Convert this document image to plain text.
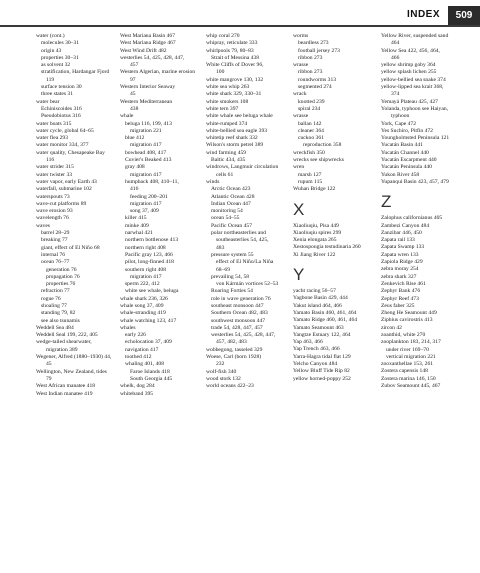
INDEX	509
water (cont.)
molecules 30–31
origin 43
properties 30–31
as solvent 32
stratification, Hardangar Fjord
119
surface tension 30
three states 31
water bear
Echiniscoides 316
Pseudobiotus 316
water boats 315
water cycle, global 64–65
water flea 293
water monitor 334, 377
water quality, Chesapeake Bay
116
water strider 315
water twister 33
water vapor, early Earth 43
waterfall, submarine 102
waterspouts 73
wave-cut platforms 89
wave erosion 93
wavelength 76
waves
barrel 28–29
breaking 77
giant, effect of El Niño 68
internal 76
ocean 76–77
generation 76
propagation 76
properties 76
refraction 77
rogue 76
shoaling 77
standing 79, 82
see also tsunamis
Weddell Sea 484
Weddell Seal 199, 222, 405
wedge-tailed shearwater,
migration 389
Wegener, Alfred (1880–1930) 44,
45
Wellington, New Zealand, tides
79
West African manatee 418
West Indian manatee 419
West Mariana Basin 467
West Mariana Ridge 467
West Wind Drift 482
westerlies 54, 425, 428, 447,
457
Western Algerian, marine erosion
97
Western Interior Seaway
45
Western Mediterranean
438
whale
beluga 116, 199, 413
migration 221
blue 412
migration 417
bowhead 408, 417
Cuvier's Beaked 413
gray 408
migration 417
humpback 408, 410–11,
416
feeding 200–201
migration 417
song 37, 409
killer 415
minke 409
narwhal 421
northern bottlenose 413
northern right 408
Pacific gray 123, 466
pilot, long-finned 418
southern right 408
migration 417
sperm 222, 412
white see whale, beluga
whale shark 236, 326
whale song 37, 409
whale-stranding 419
whale watching 123, 417
whales
early 226
echolocation 37, 409
navigation 417
toothed 412
whaling 401, 408
Faroe Islands 418
South Georgia 445
whelk, dog 284
whiteband 395
whip coral 270
whipray, reticulate 333
whirlpools 79, 80–83
Strait of Messina 438
White Cliffs of Dover 96,
100
white mangrove 130, 132
white sea whip 263
white shark 329, 330–31
white smokers 108
white tern 397
white whale see beluga whale
white-rumped 374
white-bellied sea eagle 393
whitetip reef shark 332
Wilson's storm petrel 389
wind farming 459
Baltic 434, 435
windrows, Langmuir circulation
cells 61
winds
Arctic Ocean 423
Atlantic Ocean 428
Indian Ocean 447
monitoring 54
ocean 54–55
Pacific Ocean 457
polar northeasterlies and
southeasterlies 54, 425,
483
pressure system 55
effect of El Niño/La Niña
68–69
prevailing 54, 58
von Kármán vortices 52–53
Roaring Forties 54
role in wave generation 76
southeast monsoon 447
Southern Ocean 482, 483
southwest monsoon 447
trade 54, 428, 447, 457
westerlies 54, 425, 428, 447,
457, 482, 483
wobbegong, tasseled 329
Woese, Carl (born 1928)
232
wolf-fish 340
wood stork 132
world oceans 422–23
worms
beardless 273
football jersey 273
ribbon 273
wrasse
ribbon 273
roundworms 313
segmented 274
wrack
knotted 239
spiral 234
wrasse
ballan 142
cleaner 364
cuckoo 361
reproduction 358
wreckfish 350
wrecks see shipwrecks
wren
marsh 127
rupum 115
Wuhan Bridge 122
X
Xiaoliuqiu, Pisa 449
Xiaoliuqiu spires 299
Xenia elongata 265
Xestospongia testudinaria 260
Xi Jiang River 122
Y
yacht racing 56–57
Yagbone Basin 429, 444
Yakut island 464, 466
Yamato Basin 460, 461, 464
Yamato Ridge 460, 461, 464
Yamato Seamount 463
Yangtze Estuary 122, 464
Yap 463, 466
Yap Trench 463, 466
Yarra-Hagra tidal flat 129
Yelcho Canyon 484
Yellow Bluff Tide Rip 82
yellow horned-poppy 252
Yellow River, suspended sand
464
Yellow Sea 422, 456, 464,
466
yellow shrimp goby 364
yellow splash lichen 255
yellow-bellied sea snake 374
yellow-lipped sea krait 368,
374
Yemayá Plateau 425, 427
Yolanda, typhoon see Haiyan,
typhoon
York, Cape 472
Yes Suchiro, Pitfin 472
Youngholmsted Peninsula 121
Yucatán Basin 441
Yucatán Channel 440
Yucatán Escarpment 440
Yucatán Peninsula 440
Yukon River 458
Yupanqui Basin 423, 457, 479
Z
Zalophus californianus 405
Zambezi Canyon 484
Zanzibar 446, 450
Zapata rail 133
Zapata Swamp 133
Zapata wren 133
Zapiola Ridge 429
zebra moray 254
zebra shark 327
Zenkevich Rise 461
Zephyr Bank 476
Zephyr Reef 473
Zeus faber 325
Zheng He Seamount 449
Ziphius cavirostris 413
zircon 42
zoanthid, white 270
zooplankton 183, 214, 317
under river 169–70
vertical migration 221
zooxanthellae 153, 261
Zostera capensis 148
Zostera marina 146, 150
Zubov Seamount 445, 467
